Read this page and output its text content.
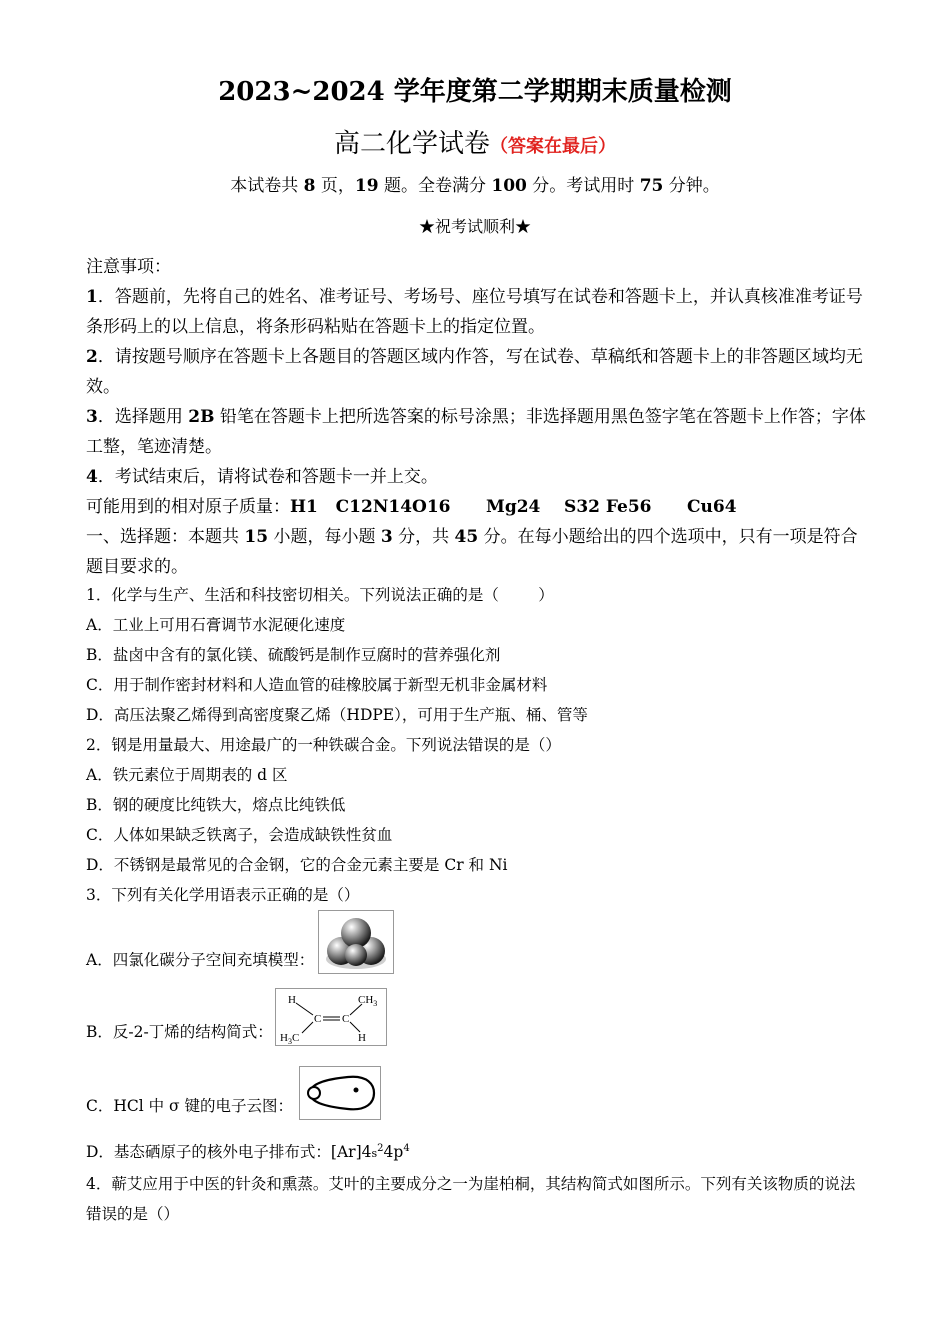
2023~2024 学年度第二学期期末质量检测
高二化学试卷（答案在最后）
本试卷共 8 页，19 题。全卷满分 100 分。考试用时 75 分钟。
★祝考试顺利★

注意事项：

1．答题前，先将自己的姓名、准考证号、考场号、座位号填写在试卷和答题卡上，并认真核准准考证号条形码上的以上信息，将条形码粘贴在答题卡上的指定位置。

2．请按题号顺序在答题卡上各题目的答题区域内作答，写在试卷、草稿纸和答题卡上的非答题区域均无效。

3．选择题用 2B 铅笔在答题卡上把所选答案的标号涂黑；非选择题用黑色签字笔在答题卡上作答；字体工整，笔迹清楚。

4．考试结束后，请将试卷和答题卡一并上交。

可能用到的相对原子质量：H1   C12N14O16      Mg24    S32 Fe56      Cu64

一、选择题：本题共 15 小题，每小题 3 分，共 45 分。在每小题给出的四个选项中，只有一项是符合题目要求的。

1．化学与生产、生活和科技密切相关。下列说法正确的是（        ）

A．工业上可用石膏调节水泥硬化速度

B．盐卤中含有的氯化镁、硫酸钙是制作豆腐时的营养强化剂

C．用于制作密封材料和人造血管的硅橡胶属于新型无机非金属材料

D．高压法聚乙烯得到高密度聚乙烯（HDPE），可用于生产瓶、桶、管等

2．钢是用量最大、用途最广的一种铁碳合金。下列说法错误的是（）

A．铁元素位于周期表的 d 区

B．钢的硬度比纯铁大，熔点比纯铁低

C．人体如果缺乏铁离子，会造成缺铁性贫血

D．不锈钢是最常见的合金钢，它的合金元素主要是 Cr 和 Ni

3．下列有关化学用语表示正确的是（）

A．四氯化碳分子空间充填模型：
B．反-2-丁烯的结构简式：
H	$CH_3$
C C
$H_3C$	H
C．HCl 中 σ 键的电子云图：

D．基态硒原子的核外电子排布式：$[Ar]4s^24p^4$

4．蕲艾应用于中医的针灸和熏蒸。艾叶的主要成分之一为崖柏桐，其结构简式如图所示。下列有关该物质的说法错误的是（）
